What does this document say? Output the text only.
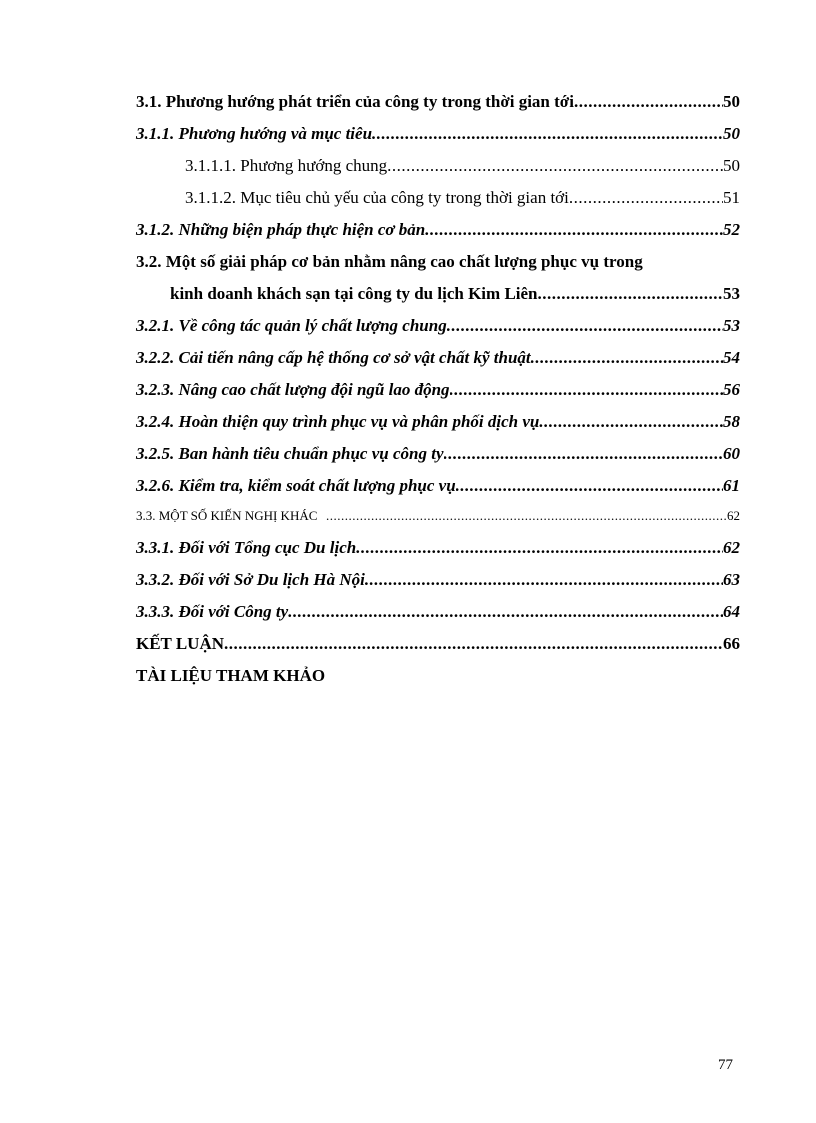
3.1. Phương hướng phát triển của công ty trong thời gian tới .....	50
3.1.1. Phương hướng và mục tiêu .....	50
3.1.1.1. Phương hướng chung .....	50
3.1.1.2. Mục tiêu chủ yếu của công ty trong thời gian tới .....	51
3.1.2. Những biện pháp thực hiện cơ bản .....	52
3.2. Một số giải pháp cơ bản nhằm nâng cao chất lượng phục vụ trong
kinh doanh khách sạn tại công ty du lịch Kim Liên .....	53
3.2.1. Về công tác quản lý chất lượng chung .....	53
3.2.2. Cải tiến nâng cấp hệ thống cơ sở vật chất kỹ thuật .....	54
3.2.3. Nâng cao chất lượng đội ngũ lao động .....	56
3.2.4. Hoàn thiện quy trình phục vụ và phân phối dịch vụ .....	58
3.2.5. Ban hành tiêu chuẩn phục vụ công ty .....	60
3.2.6. Kiểm tra, kiểm soát chất lượng phục vụ .....	61
3.3. MỘT SỐ KIẾN NGHỊ KHÁC .....	62
3.3.1. Đối với Tổng cục Du lịch .....	62
3.3.2. Đối với Sở Du lịch Hà Nội .....	63
3.3.3. Đối với Công ty .....	64
KẾT LUẬN .....	66
TÀI LIỆU THAM KHẢO
77
